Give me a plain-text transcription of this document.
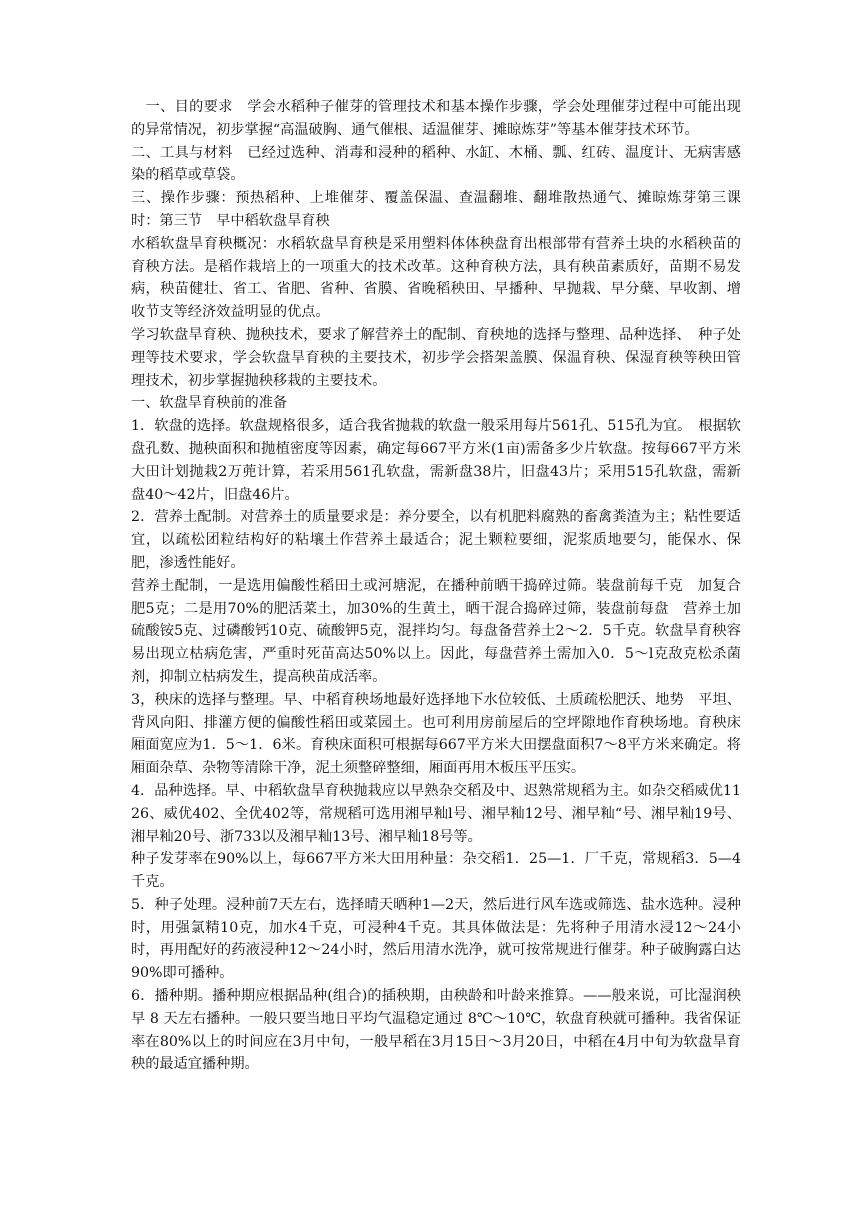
　一、目的要求　学会水稻种子催芽的管理技术和基本操作步骤，学会处理催芽过程中可能出现的异常情况，初步掌握“高温破胸、通气催根、适温催芽、摊晾炼芽”等基本催芽技术环节。

二、工具与材料　已经过选种、消毒和浸种的稻种、水缸、木桶、瓢、红砖、温度计、无病害感染的稻草或草袋。

三、操作步骤：预热稻种、上堆催芽、覆盖保温、查温翻堆、翻堆散热通气、摊晾炼芽第三课时：第三节　早中稻软盘旱育秧

水稻软盘旱育秧概况：水稻软盘旱育秧是采用塑料体体秧盘育出根部带有营养土块的水稻秧苗的育秧方法。是稻作栽培上的一项重大的技术改革。这种育秧方法，具有秧苗素质好，苗期不易发病，秧苗健壮、省工、省肥、省种、省膜、省晚稻秧田、早播种、早抛栽、早分蘖、早收割、增收节支等经济效益明显的优点。

学习软盘旱育秧、抛秧技术，要求了解营养土的配制、育秧地的选择与整理、品种选择、　种子处理等技术要求，学会软盘旱育秧的主要技术，初步学会搭架盖膜、保温育秧、保湿育秧等秧田管理技术，初步掌握抛秧移栽的主要技术。

一、软盘旱育秧前的准备

1．软盘的选择。软盘规格很多，适合我省抛栽的软盘一般采用每片561孔、515孔为宜。　根据软盘孔数、抛秧面积和抛植密度等因素，确定每667平方米(1亩)需备多少片软盘。按每667平方米大田计划抛栽2万蔸计算，若采用561孔软盘，需新盘38片，旧盘43片；采用515孔软盘，需新盘40～42片，旧盘46片。

2．营养土配制。对营养土的质量要求是：养分要全，以有机肥料腐熟的畜禽粪渣为主；粘性要适宜，以疏松团粒结构好的粘壤土作营养土最适合；泥土颗粒要细，泥浆质地要匀，能保水、保肥，渗透性能好。

营养土配制，一是选用偏酸性稻田土或河塘泥，在播种前晒干捣碎过筛。装盘前每千克　加复合肥5克；二是用70%的肥活菜土，加30%的生黄土，晒干混合捣碎过筛，装盘前每盘　营养土加硫酸铵5克、过磷酸钙10克、硫酸钾5克，混拌均匀。每盘备营养土2～2．5千克。软盘旱育秧容易出现立枯病危害，严重时死苗高达50%以上。因此，每盘营养土需加入0．5～l克敌克松杀菌剂，抑制立枯病发生，提高秧苗成活率。

3，秧床的选择与整理。早、中稻育秧场地最好选择地下水位较低、土质疏松肥沃、地势　平坦、背风向阳、排灌方便的偏酸性稻田或菜园土。也可利用房前屋后的空坪隙地作育秧场地。育秧床厢面宽应为1．5～1．6米。育秧床面积可根据每667平方米大田摆盘面积7～8平方米来确定。将厢面杂草、杂物等清除干净，泥土须整碎整细，厢面再用木板压平压实。

4．品种选择。早、中稻软盘旱育秧抛栽应以早熟杂交稻及中、迟熟常规稻为主。如杂交稻威优1126、威优402、全优402等，常规稻可选用湘早籼l号、湘早籼12号、湘早籼“号、湘早籼19号、湘早籼20号、浙733以及湘早籼13号、湘早籼18号等。

种子发芽率在90%以上，每667平方米大田用种量：杂交稻1．25—1．厂千克，常规稻3．5—4千克。

5．种子处理。浸种前7天左右，选择晴天晒种1—2天，然后进行风车选或筛选、盐水选种。浸种时，用强氯精10克，加水4千克，可浸种4千克。其具体做法是：先将种子用清水浸12～24小时，再用配好的药液浸种12～24小时，然后用清水洗净，就可按常规进行催芽。种子破胸露白达90%即可播种。

6．播种期。播种期应根据品种(组合)的插秧期，由秧龄和叶龄来推算。——般来说，可比湿润秧早 8 天左右播种。一般只要当地日平均气温稳定通过 8℃～10℃，软盘育秧就可播种。我省保证率在80%以上的时间应在3月中旬，一般早稻在3月15日～3月20日，中稻在4月中旬为软盘旱育秧的最适宜播种期。
